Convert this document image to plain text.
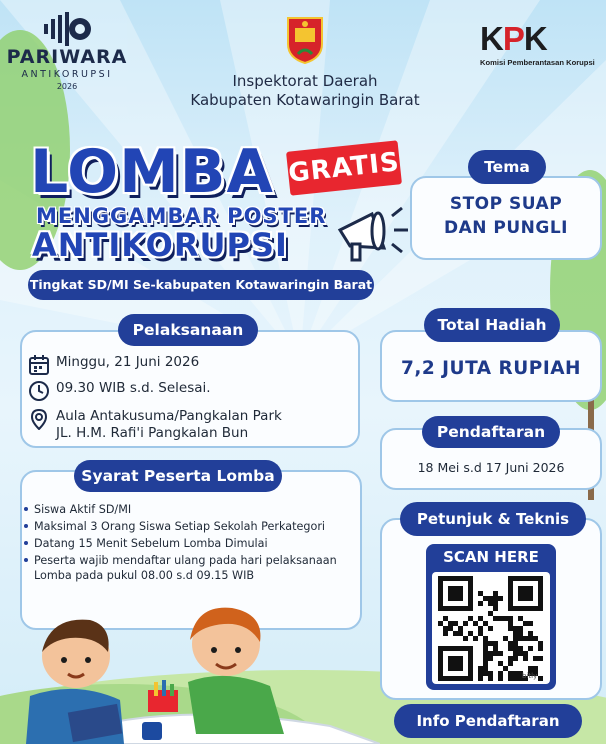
PARIWARA
ANTIKORUPSI
2026	Inspektorat Daerah
Kabupaten Kotawaringin Barat
KPK
Komisi Pemberantasan Korupsi
LOMBA GRATIS
MENGGAMBAR POSTER
ANTIKORUPSI
Tingkat SD/MI Se-kabupaten Kotawaringin Barat
Tema
STOP SUAP
DAN PUNGLI
Pelaksanaan
Minggu, 21 Juni 2026
09.30 WIB s.d. Selesai.
Aula Antakusuma/Pangkalan Park
JL. H.M. Rafi'i Pangkalan Bun
Total Hadiah
7,2 JUTA RUPIAH
Pendaftaran
18 Mei s.d 17 Juni 2026
Syarat Peserta Lomba
Siswa Aktif SD/MI
Maksimal 3 Orang Siswa Setiap Sekolah Perkategori
Datang 15 Menit Sebelum Lomba Dimulai
Peserta wajib mendaftar ulang pada hari pelaksanaan
Lomba pada pukul 08.00 s.d 09.15 WIB
Petunjuk & Teknis
SCAN HERE
bitly
Info Pendaftaran
